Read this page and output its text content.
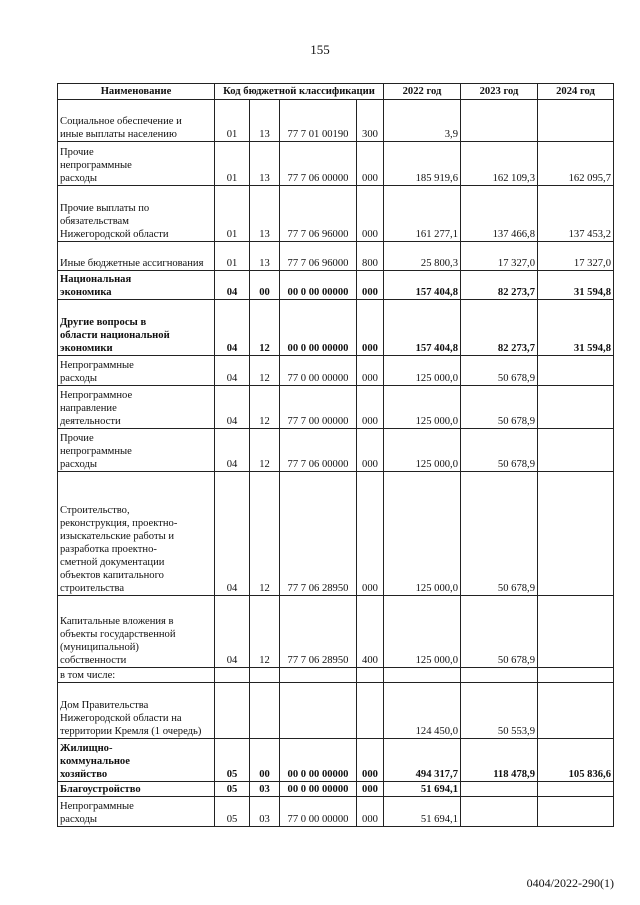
155
Наименование	Код бюджетной классификации				2022 год	2023 год	2024 год
Социальное обеспечение и иные выплаты населению	01	13	77 7 01 00190	300	3,9		
Прочие непрограммные расходы	01	13	77 7 06 00000	000	185 919,6	162 109,3	162 095,7
Прочие выплаты по обязательствам Нижегородской области	01	13	77 7 06 96000	000	161 277,1	137 466,8	137 453,2
Иные бюджетные ассигнования	01	13	77 7 06 96000	800	25 800,3	17 327,0	17 327,0
Национальная экономика	04	00	00 0 00 00000	000	157 404,8	82 273,7	31 594,8
Другие вопросы в области национальной экономики	04	12	00 0 00 00000	000	157 404,8	82 273,7	31 594,8
Непрограммные расходы	04	12	77 0 00 00000	000	125 000,0	50 678,9	
Непрограммное направление деятельности	04	12	77 7 00 00000	000	125 000,0	50 678,9	
Прочие непрограммные расходы	04	12	77 7 06 00000	000	125 000,0	50 678,9	
Строительство, реконструкция, проектно-изыскательские работы и разработка проектно-сметной документации объектов капитального строительства	04	12	77 7 06 28950	000	125 000,0	50 678,9	
Капитальные вложения в объекты государственной (муниципальной) собственности	04	12	77 7 06 28950	400	125 000,0	50 678,9	
в том числе:							
Дом Правительства Нижегородской области на территории Кремля (1 очередь)					124 450,0	50 553,9	
Жилищно-коммунальное хозяйство	05	00	00 0 00 00000	000	494 317,7	118 478,9	105 836,6
Благоустройство	05	03	00 0 00 00000	000	51 694,1		
Непрограммные расходы	05	03	77 0 00 00000	000	51 694,1		
0404/2022-290(1)
